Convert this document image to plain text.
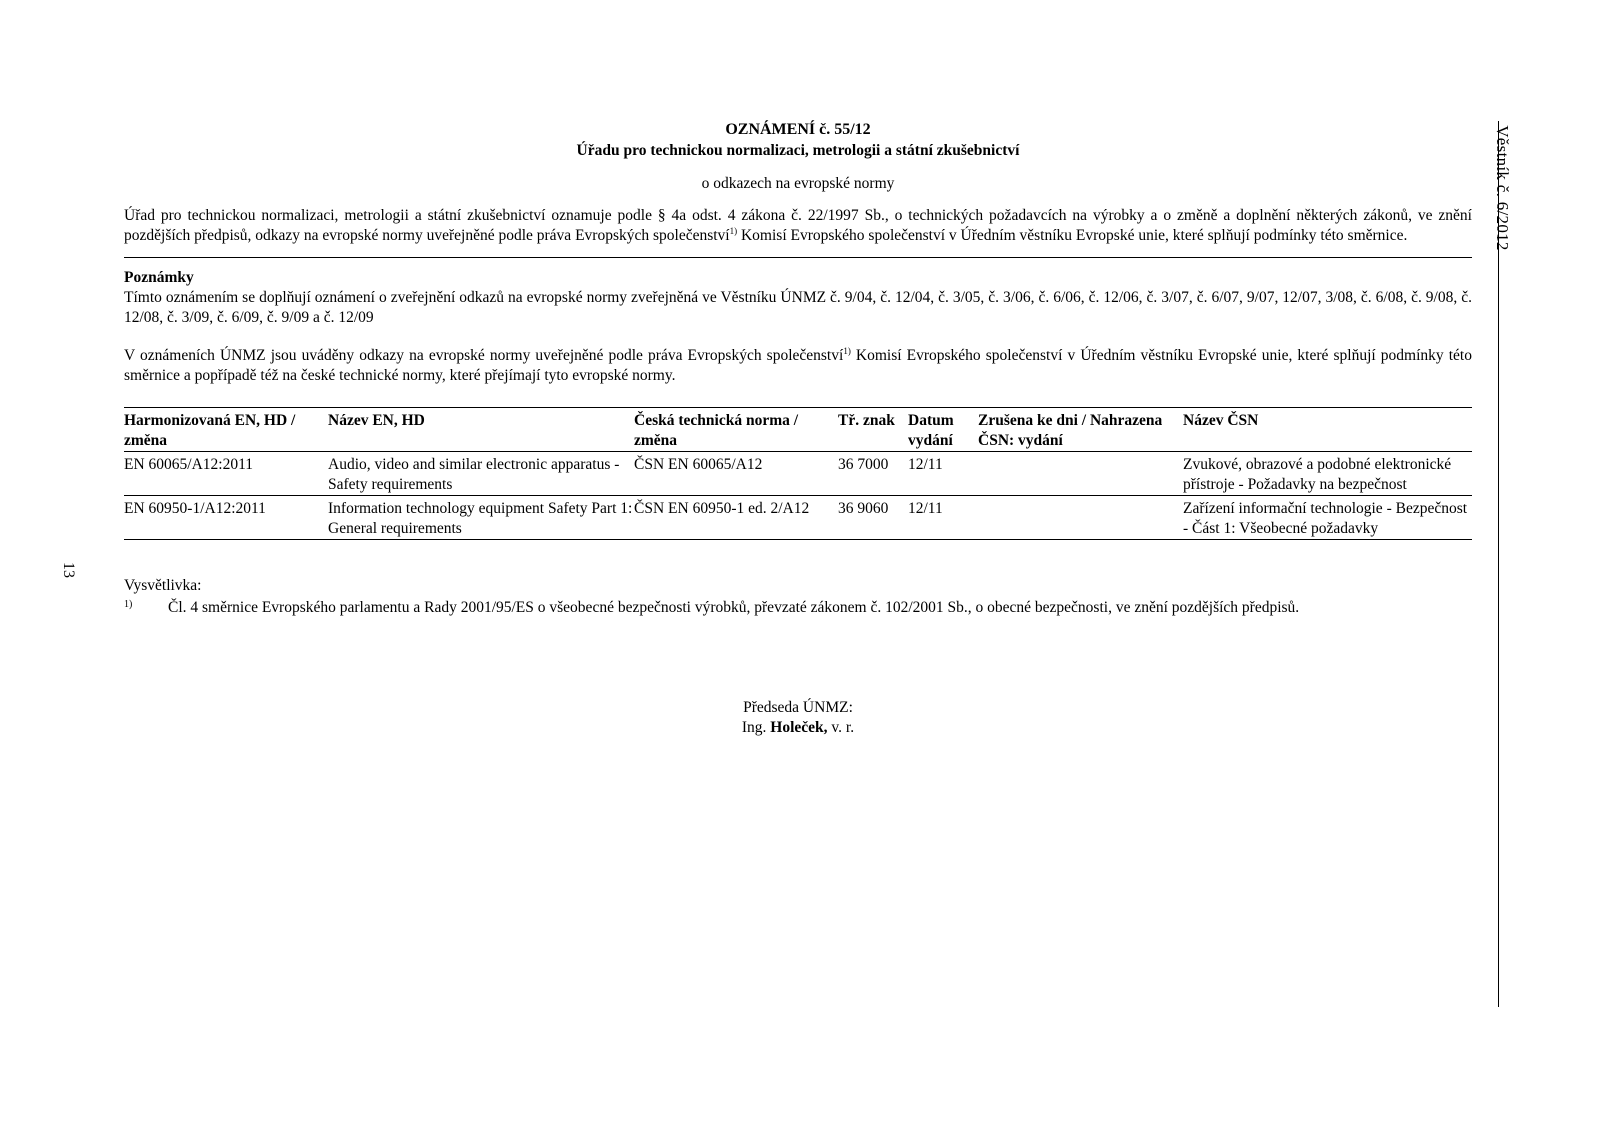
13
Věstník č. 6/2012

OZNÁMENÍ č. 55/12

Úřadu pro technickou normalizaci, metrologii a státní zkušebnictví

o odkazech na evropské normy

Úřad pro technickou normalizaci, metrologii a státní zkušebnictví oznamuje podle § 4a odst. 4 zákona č. 22/1997 Sb., o technických požadavcích na výrobky a o změně a doplnění některých zákonů, ve znění pozdějších předpisů, odkazy na evropské normy uveřejněné podle práva Evropských společenství$^{1)}$ Komisí Evropského společenství v Úředním věstníku Evropské unie, které splňují podmínky této směrnice.

Poznámky

Tímto oznámením se doplňují oznámení o zveřejnění odkazů na evropské normy zveřejněná ve Věstníku ÚNMZ č. 9/04, č. 12/04, č. 3/05, č. 3/06, č. 6/06, č. 12/06, č. 3/07, č. 6/07, 9/07, 12/07, 3/08, č. 6/08, č. 9/08, č. 12/08, č. 3/09, č. 6/09, č. 9/09 a č. 12/09

V oznámeních ÚNMZ jsou uváděny odkazy na evropské normy uveřejněné podle práva Evropských společenství$^{1)}$ Komisí Evropského společenství v Úředním věstníku Evropské unie, které splňují podmínky této směrnice a popřípadě též na české technické normy, které přejímají tyto evropské normy.

Harmonizovaná EN, HD / změna	Název EN, HD	Česká technická norma / změna	Tř. znak	Datum vydání	Zrušena ke dni / Nahrazena ČSN: vydání	Název ČSN
EN 60065/A12:2011	Audio, video and similar electronic apparatus - Safety requirements	ČSN EN 60065/A12	36 7000	12/11		Zvukové, obrazové a podobné elektronické přístroje - Požadavky na bezpečnost
EN 60950-1/A12:2011	Information technology equipment Safety Part 1: General requirements	ČSN EN 60950-1 ed. 2/A12	36 9060	12/11		Zařízení informační technologie - Bezpečnost - Část 1: Všeobecné požadavky
Vysvětlivka:
1)	Čl. 4 směrnice Evropského parlamentu a Rady 2001/95/ES o všeobecné bezpečnosti výrobků, převzaté zákonem č. 102/2001 Sb., o obecné bezpečnosti, ve znění pozdějších předpisů.
Předseda ÚNMZ:
Ing. Holeček, v. r.
